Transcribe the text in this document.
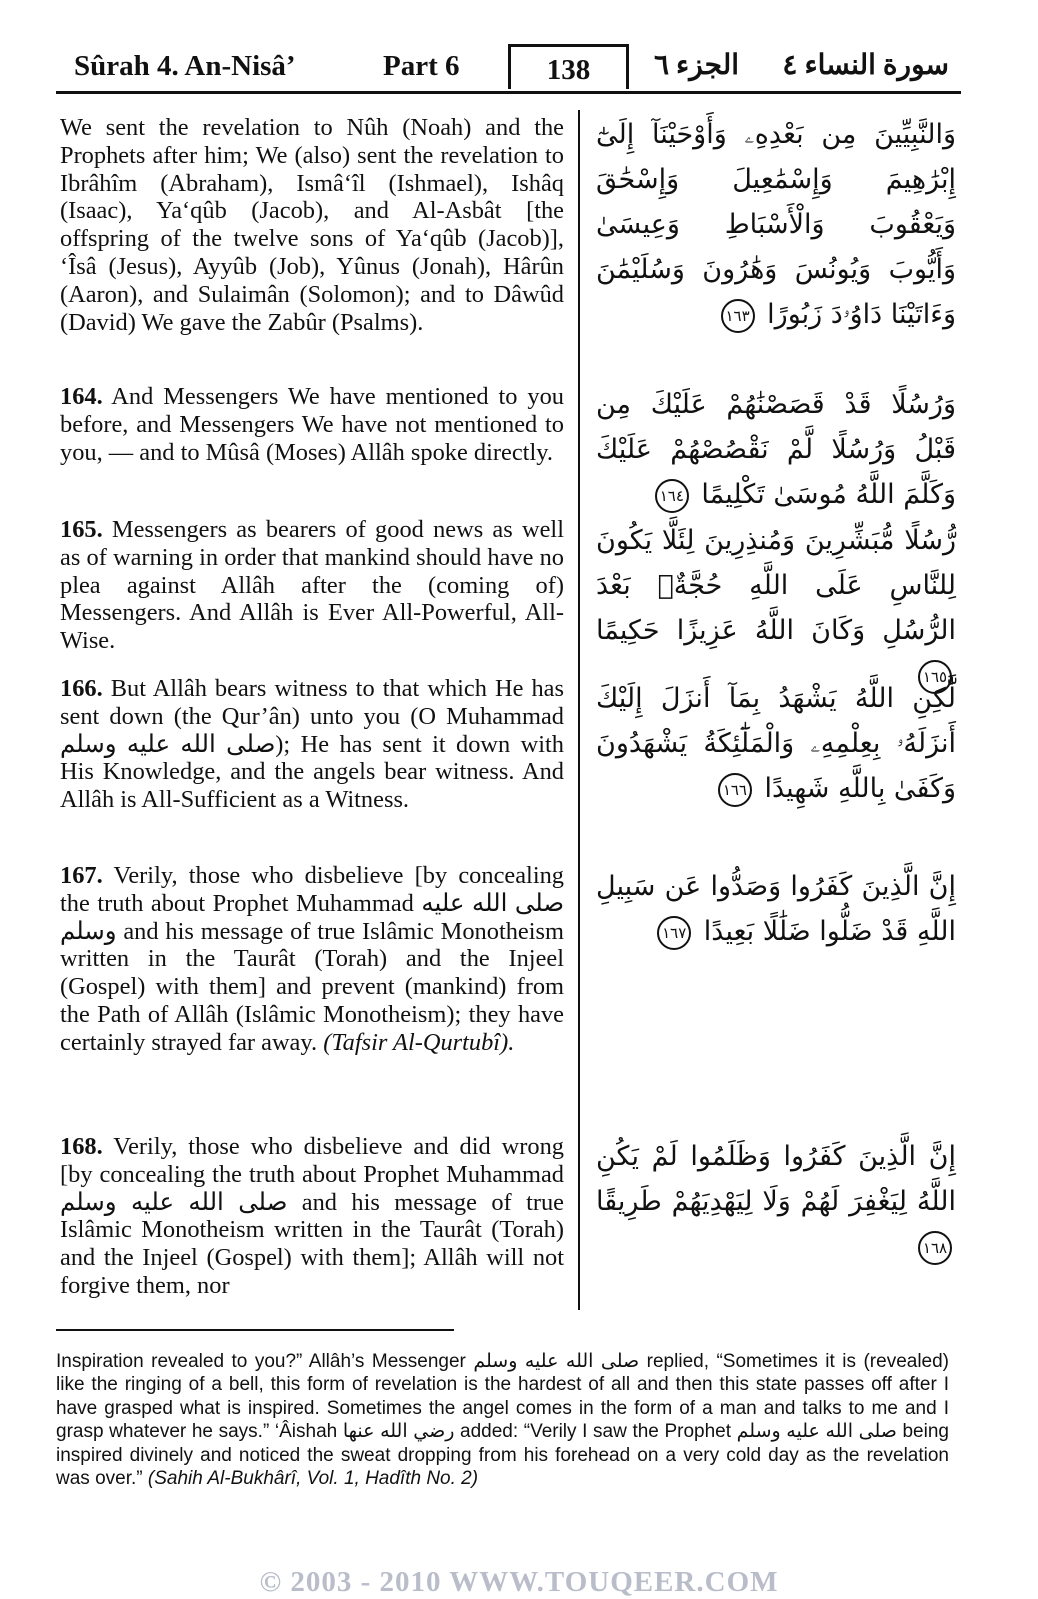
Sûrah 4. An-Nisâ’	Part 6	138	الجزء ٦ سورة النساء ٤

We sent the revelation to Nûh (Noah) and the Prophets after him; We (also) sent the revelation to Ibrâhîm (Abraham), Ismâ‘îl (Ishmael), Ishâq (Isaac), Ya‘qûb (Jacob), and Al-Asbât [the offspring of the twelve sons of Ya‘qûb (Jacob)], ‘Îsâ (Jesus), Ayyûb (Job), Yûnus (Jonah), Hârûn (Aaron), and Sulaimân (Solomon); and to Dâwûd (David) We gave the Zabûr (Psalms).

164. And Messengers We have mentioned to you before, and Messengers We have not mentioned to you, — and to Mûsâ (Moses) Allâh spoke directly.

165. Messengers as bearers of good news as well as of warning in order that mankind should have no plea against Allâh after the (coming of) Messengers. And Allâh is Ever All-Powerful, All-Wise.

166. But Allâh bears witness to that which He has sent down (the Qur’ân) unto you (O Muhammad صلى الله عليه وسلم); He has sent it down with His Knowledge, and the angels bear witness. And Allâh is All-Sufficient as a Witness.

167. Verily, those who disbelieve [by concealing the truth about Prophet Muhammad صلى الله عليه وسلم and his message of true Islâmic Monotheism written in the Taurât (Torah) and the Injeel (Gospel) with them] and prevent (mankind) from the Path of Allâh (Islâmic Monotheism); they have certainly strayed far away. (Tafsir Al-Qurtubî).

168. Verily, those who disbelieve and did wrong [by concealing the truth about Prophet Muhammad صلى الله عليه وسلم and his message of true Islâmic Monotheism written in the Taurât (Torah) and the Injeel (Gospel) with them]; Allâh will not forgive them, nor

وَالنَّبِيِّينَ مِن بَعْدِهِۦ وَأَوْحَيْنَآ إِلَىٰٓ إِبْرَٰهِيمَ وَإِسْمَٰعِيلَ وَإِسْحَٰقَ وَيَعْقُوبَ وَالْأَسْبَاطِ وَعِيسَىٰ وَأَيُّوبَ وَيُونُسَ وَهَٰرُونَ وَسُلَيْمَٰنَ وَءَاتَيْنَا دَاوُۥدَ زَبُورًا ١٦٣
وَرُسُلًا قَدْ قَصَصْنَٰهُمْ عَلَيْكَ مِن قَبْلُ وَرُسُلًا لَّمْ نَقْصُصْهُمْ عَلَيْكَ وَكَلَّمَ اللَّهُ مُوسَىٰ تَكْلِيمًا ١٦٤
رُّسُلًا مُّبَشِّرِينَ وَمُنذِرِينَ لِئَلَّا يَكُونَ لِلنَّاسِ عَلَى اللَّهِ حُجَّةٌۢ بَعْدَ الرُّسُلِ وَكَانَ اللَّهُ عَزِيزًا حَكِيمًا ١٦٥
لَّٰكِنِ اللَّهُ يَشْهَدُ بِمَآ أَنزَلَ إِلَيْكَ أَنزَلَهُۥ بِعِلْمِهِۦ وَالْمَلَٰٓئِكَةُ يَشْهَدُونَ وَكَفَىٰ بِاللَّهِ شَهِيدًا ١٦٦
إِنَّ الَّذِينَ كَفَرُوا وَصَدُّوا عَن سَبِيلِ اللَّهِ قَدْ ضَلُّوا ضَلَٰلًا بَعِيدًا ١٦٧
إِنَّ الَّذِينَ كَفَرُوا وَظَلَمُوا لَمْ يَكُنِ اللَّهُ لِيَغْفِرَ لَهُمْ وَلَا لِيَهْدِيَهُمْ طَرِيقًا ١٦٨
Inspiration revealed to you?” Allâh’s Messenger صلى الله عليه وسلم replied, “Sometimes it is (revealed) like the ringing of a bell, this form of revelation is the hardest of all and then this state passes off after I have grasped what is inspired. Sometimes the angel comes in the form of a man and talks to me and I grasp whatever he says.” ‘Âishah رضي الله عنها added: “Verily I saw the Prophet صلى الله عليه وسلم being inspired divinely and noticed the sweat dropping from his forehead on a very cold day as the revelation was over.” (Sahih Al-Bukhârî, Vol. 1, Hadîth No. 2)
© 2003 - 2010 WWW.TOUQEER.COM
